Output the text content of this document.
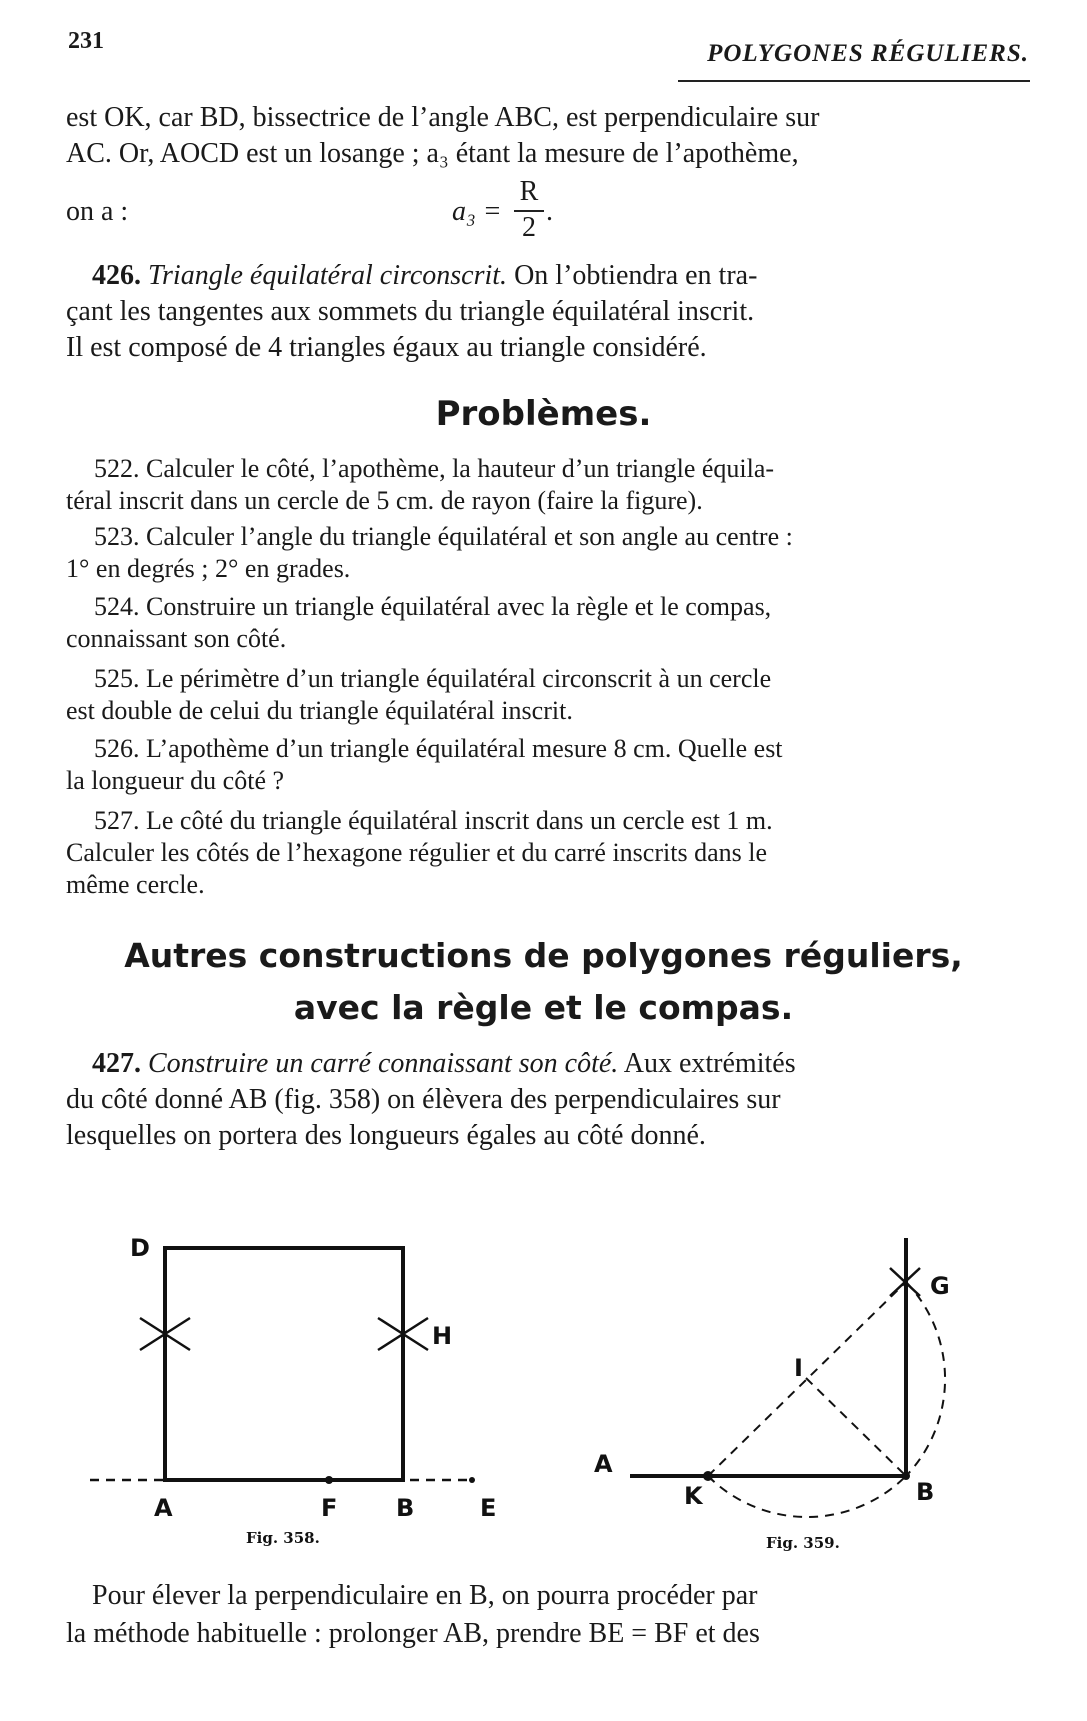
231	POLYGONES RÉGULIERS.
est OK, car BD, bissectrice de l’angle ABC, est perpendiculaire sur
AC. Or, AOCD est un losange ; a₃ étant la mesure de l’apothème,
on a :	a₃ =
R
2
.
426. Triangle équilatéral circonscrit. On l’obtiendra en tra-
çant les tangentes aux sommets du triangle équilatéral inscrit.
Il est composé de 4 triangles égaux au triangle considéré.
Problèmes.
522. Calculer le côté, l’apothème, la hauteur d’un triangle équila-
téral inscrit dans un cercle de 5 cm. de rayon (faire la figure).
523. Calculer l’angle du triangle équilatéral et son angle au centre :
1° en degrés ; 2° en grades.
524. Construire un triangle équilatéral avec la règle et le compas,
connaissant son côté.
525. Le périmètre d’un triangle équilatéral circonscrit à un cercle
est double de celui du triangle équilatéral inscrit.
526. L’apothème d’un triangle équilatéral mesure 8 cm. Quelle est
la longueur du côté ?
527. Le côté du triangle équilatéral inscrit dans un cercle est 1 m.
Calculer les côtés de l’hexagone régulier et du carré inscrits dans le
même cercle.
Autres constructions de polygones réguliers,
avec la règle et le compas.
427. Construire un carré connaissant son côté. Aux extrémités
du côté donné AB (fig. 358) on élèvera des perpendiculaires sur
lesquelles on portera des longueurs égales au côté donné.
D
H
A	F B	E
Fig. 358.
A
K	B
G
I
Fig. 359.
Pour élever la perpendiculaire en B, on pourra procéder par
la méthode habituelle : prolonger AB, prendre BE = BF et des
